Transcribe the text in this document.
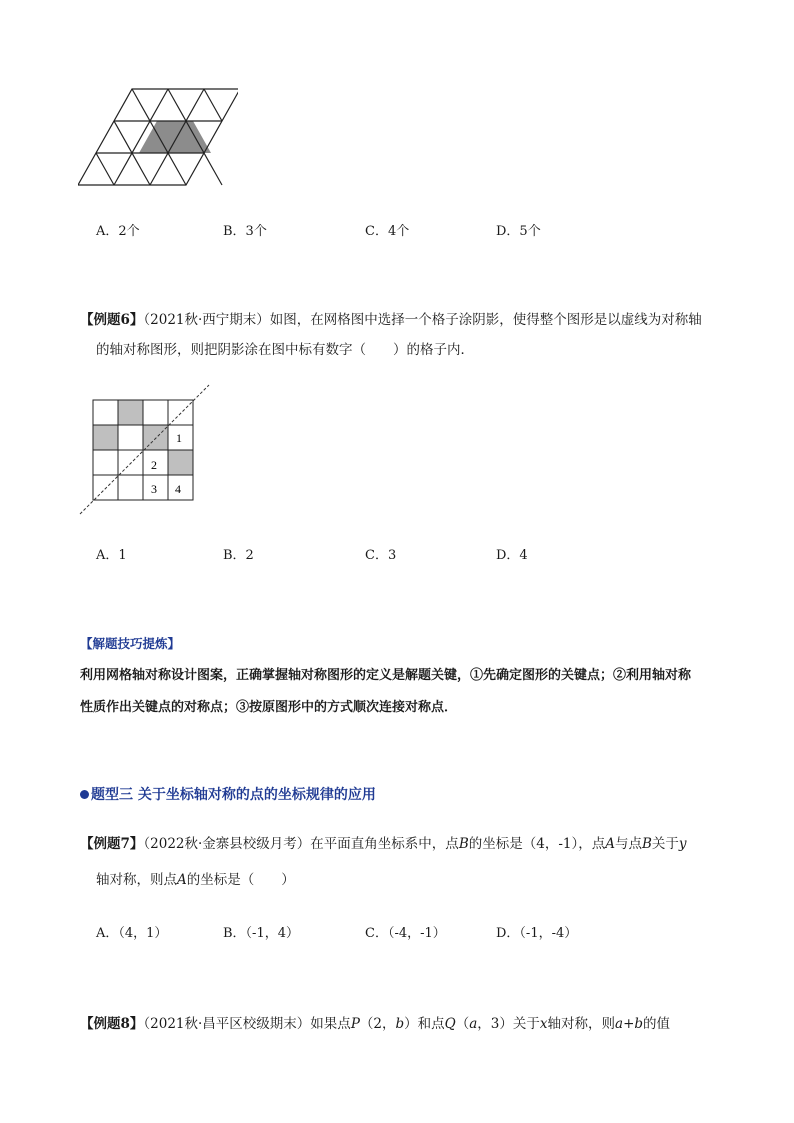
A．2个	B．3个	C．4个	D．5个
【例题6】（2021秋·西宁期末）如图，在网格图中选择一个格子涂阴影，使得整个图形是以虚线为对称轴
的轴对称图形，则把阴影涂在图中标有数字（　　）的格子内．
1
2
3 4
A．1	B．2	C．3	D．4
【解题技巧提炼】
利用网格轴对称设计图案，正确掌握轴对称图形的定义是解题关键，①先确定图形的关键点；②利用轴对称
性质作出关键点的对称点；③按原图形中的方式顺次连接对称点．
题型三 关于坐标轴对称的点的坐标规律的应用
【例题7】（2022秋·金寨县校级月考）在平面直角坐标系中，点B的坐标是（4，-1），点A与点B关于y
轴对称，则点A的坐标是（　　）
A．（4，1）	B．（-1，4）	C．（-4，-1）	D．（-1，-4）
【例题8】（2021秋·昌平区校级期末）如果点P（2，b）和点Q（a，3）关于x轴对称，则a+b的值
